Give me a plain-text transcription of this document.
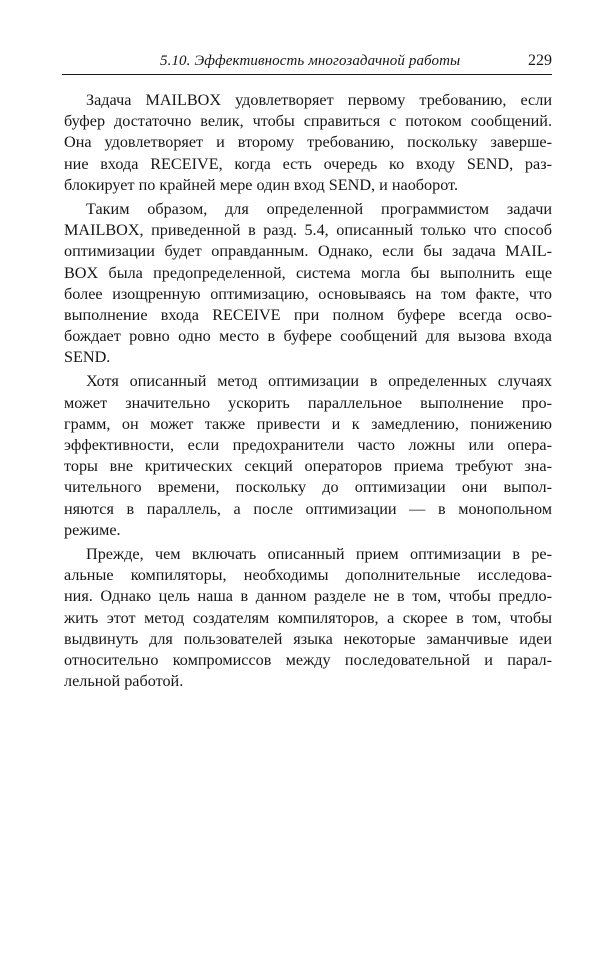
5.10. Эффективность многозадачной работы	229

Задача MAILBOX удовлетворяет первому требованию, если
буфер достаточно велик, чтобы справиться с потоком сообщений.
Она удовлетворяет и второму требованию, поскольку заверше-
ние входа RECEIVE, когда есть очередь ко входу SEND, раз-
блокирует по крайней мере один вход SEND, и наоборот.

Таким образом, для определенной программистом задачи
MAILBOX, приведенной в разд. 5.4, описанный только что способ
оптимизации будет оправданным. Однако, если бы задача MAIL-
BOX была предопределенной, система могла бы выполнить еще
более изощренную оптимизацию, основываясь на том факте, что
выполнение входа RECEIVE при полном буфере всегда осво-
бождает ровно одно место в буфере сообщений для вызова входа
SEND.

Хотя описанный метод оптимизации в определенных случаях
может значительно ускорить параллельное выполнение про-
грамм, он может также привести и к замедлению, понижению
эффективности, если предохранители часто ложны или опера-
торы вне критических секций операторов приема требуют зна-
чительного времени, поскольку до оптимизации они выпол-
няются в параллель, а после оптимизации — в монопольном
режиме.

Прежде, чем включать описанный прием оптимизации в ре-
альные компиляторы, необходимы дополнительные исследова-
ния. Однако цель наша в данном разделе не в том, чтобы предло-
жить этот метод создателям компиляторов, а скорее в том, чтобы
выдвинуть для пользователей языка некоторые заманчивые идеи
относительно компромиссов между последовательной и парал-
лельной работой.
